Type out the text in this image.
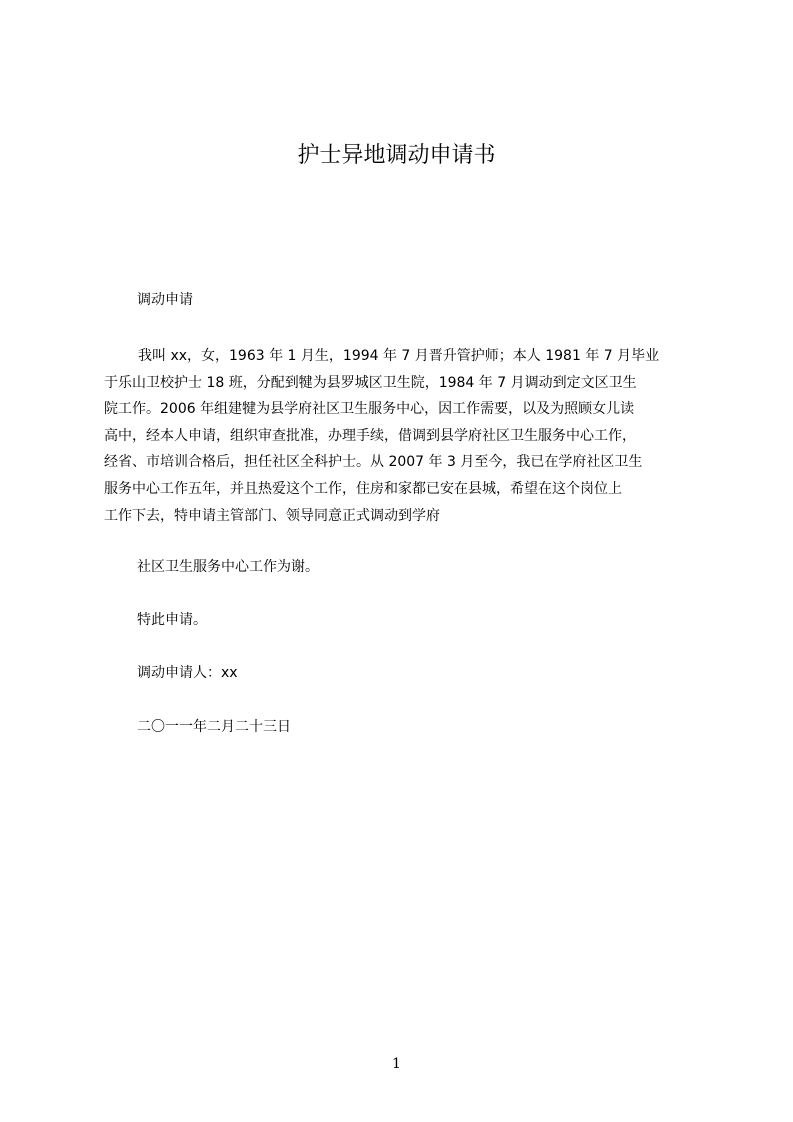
护士异地调动申请书

调动申请

我叫 xx，女，1963 年 1 月生，1994 年 7 月晋升管护师；本人 1981 年 7 月毕业
于乐山卫校护士 18 班，分配到犍为县罗城区卫生院，1984 年 7 月调动到定文区卫生
院工作。2006 年组建犍为县学府社区卫生服务中心，因工作需要，以及为照顾女儿读
高中，经本人申请，组织审查批准，办理手续，借调到县学府社区卫生服务中心工作，
经省、市培训合格后，担任社区全科护士。从 2007 年 3 月至今，我已在学府社区卫生
服务中心工作五年，并且热爱这个工作，住房和家都已安在县城，希望在这个岗位上
工作下去，特申请主管部门、领导同意正式调动到学府

社区卫生服务中心工作为谢。

特此申请。

调动申请人：xx

二〇一一年二月二十三日

1
